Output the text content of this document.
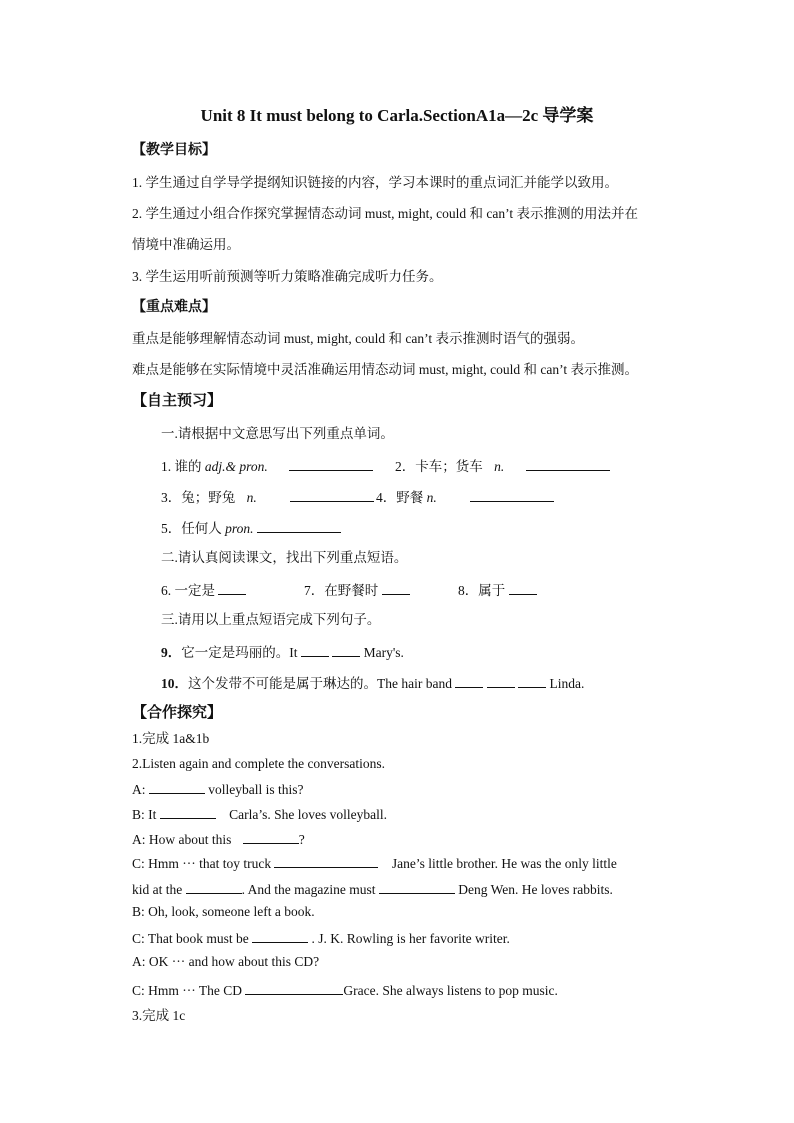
Unit 8 It must belong to Carla.SectionA1a—2c 导学案
【教学目标】
1. 学生通过自学导学提纲知识链接的内容，学习本课时的重点词汇并能学以致用。
2. 学生通过小组合作探究掌握情态动词 must, might, could 和 can’t 表示推测的用法并在
情境中准确运用。
3. 学生运用听前预测等听力策略准确完成听力任务。
【重点难点】
重点是能够理解情态动词 must, might, could 和 can’t 表示推测时语气的强弱。
难点是能够在实际情境中灵活准确运用情态动词 must, might, could 和 can’t 表示推测。
【自主预习】
一.请根据中文意思写出下列重点单词。
1. 谁的 adj.& pron.	2．卡车；货车 n.
3．兔；野兔 n.	4．野餐 n.
5．任何人 pron.
二.请认真阅读课文，找出下列重点短语。
6. 一定是	7．在野餐时	8．属于
三.请用以上重点短语完成下列句子。
9．它一定是玛丽的。It	Mary's.
10．这个发带不可能是属于琳达的。The hair band	Linda.
【合作探究】
1.完成 1a&1b
2.Listen again and complete the conversations.
A:	volleyball is this?
B: It	Carla’s. She loves volleyball.
A: How about this	?
C: Hmm ··· that toy truck	Jane’s little brother. He was the only little
kid at the	. And the magazine must	Deng Wen. He loves rabbits.
B: Oh, look, someone left a book.
C: That book must be	. J. K. Rowling is her favorite writer.
A: OK ··· and how about this CD?
C: Hmm ··· The CD	Grace. She always listens to pop music.
3.完成 1c
